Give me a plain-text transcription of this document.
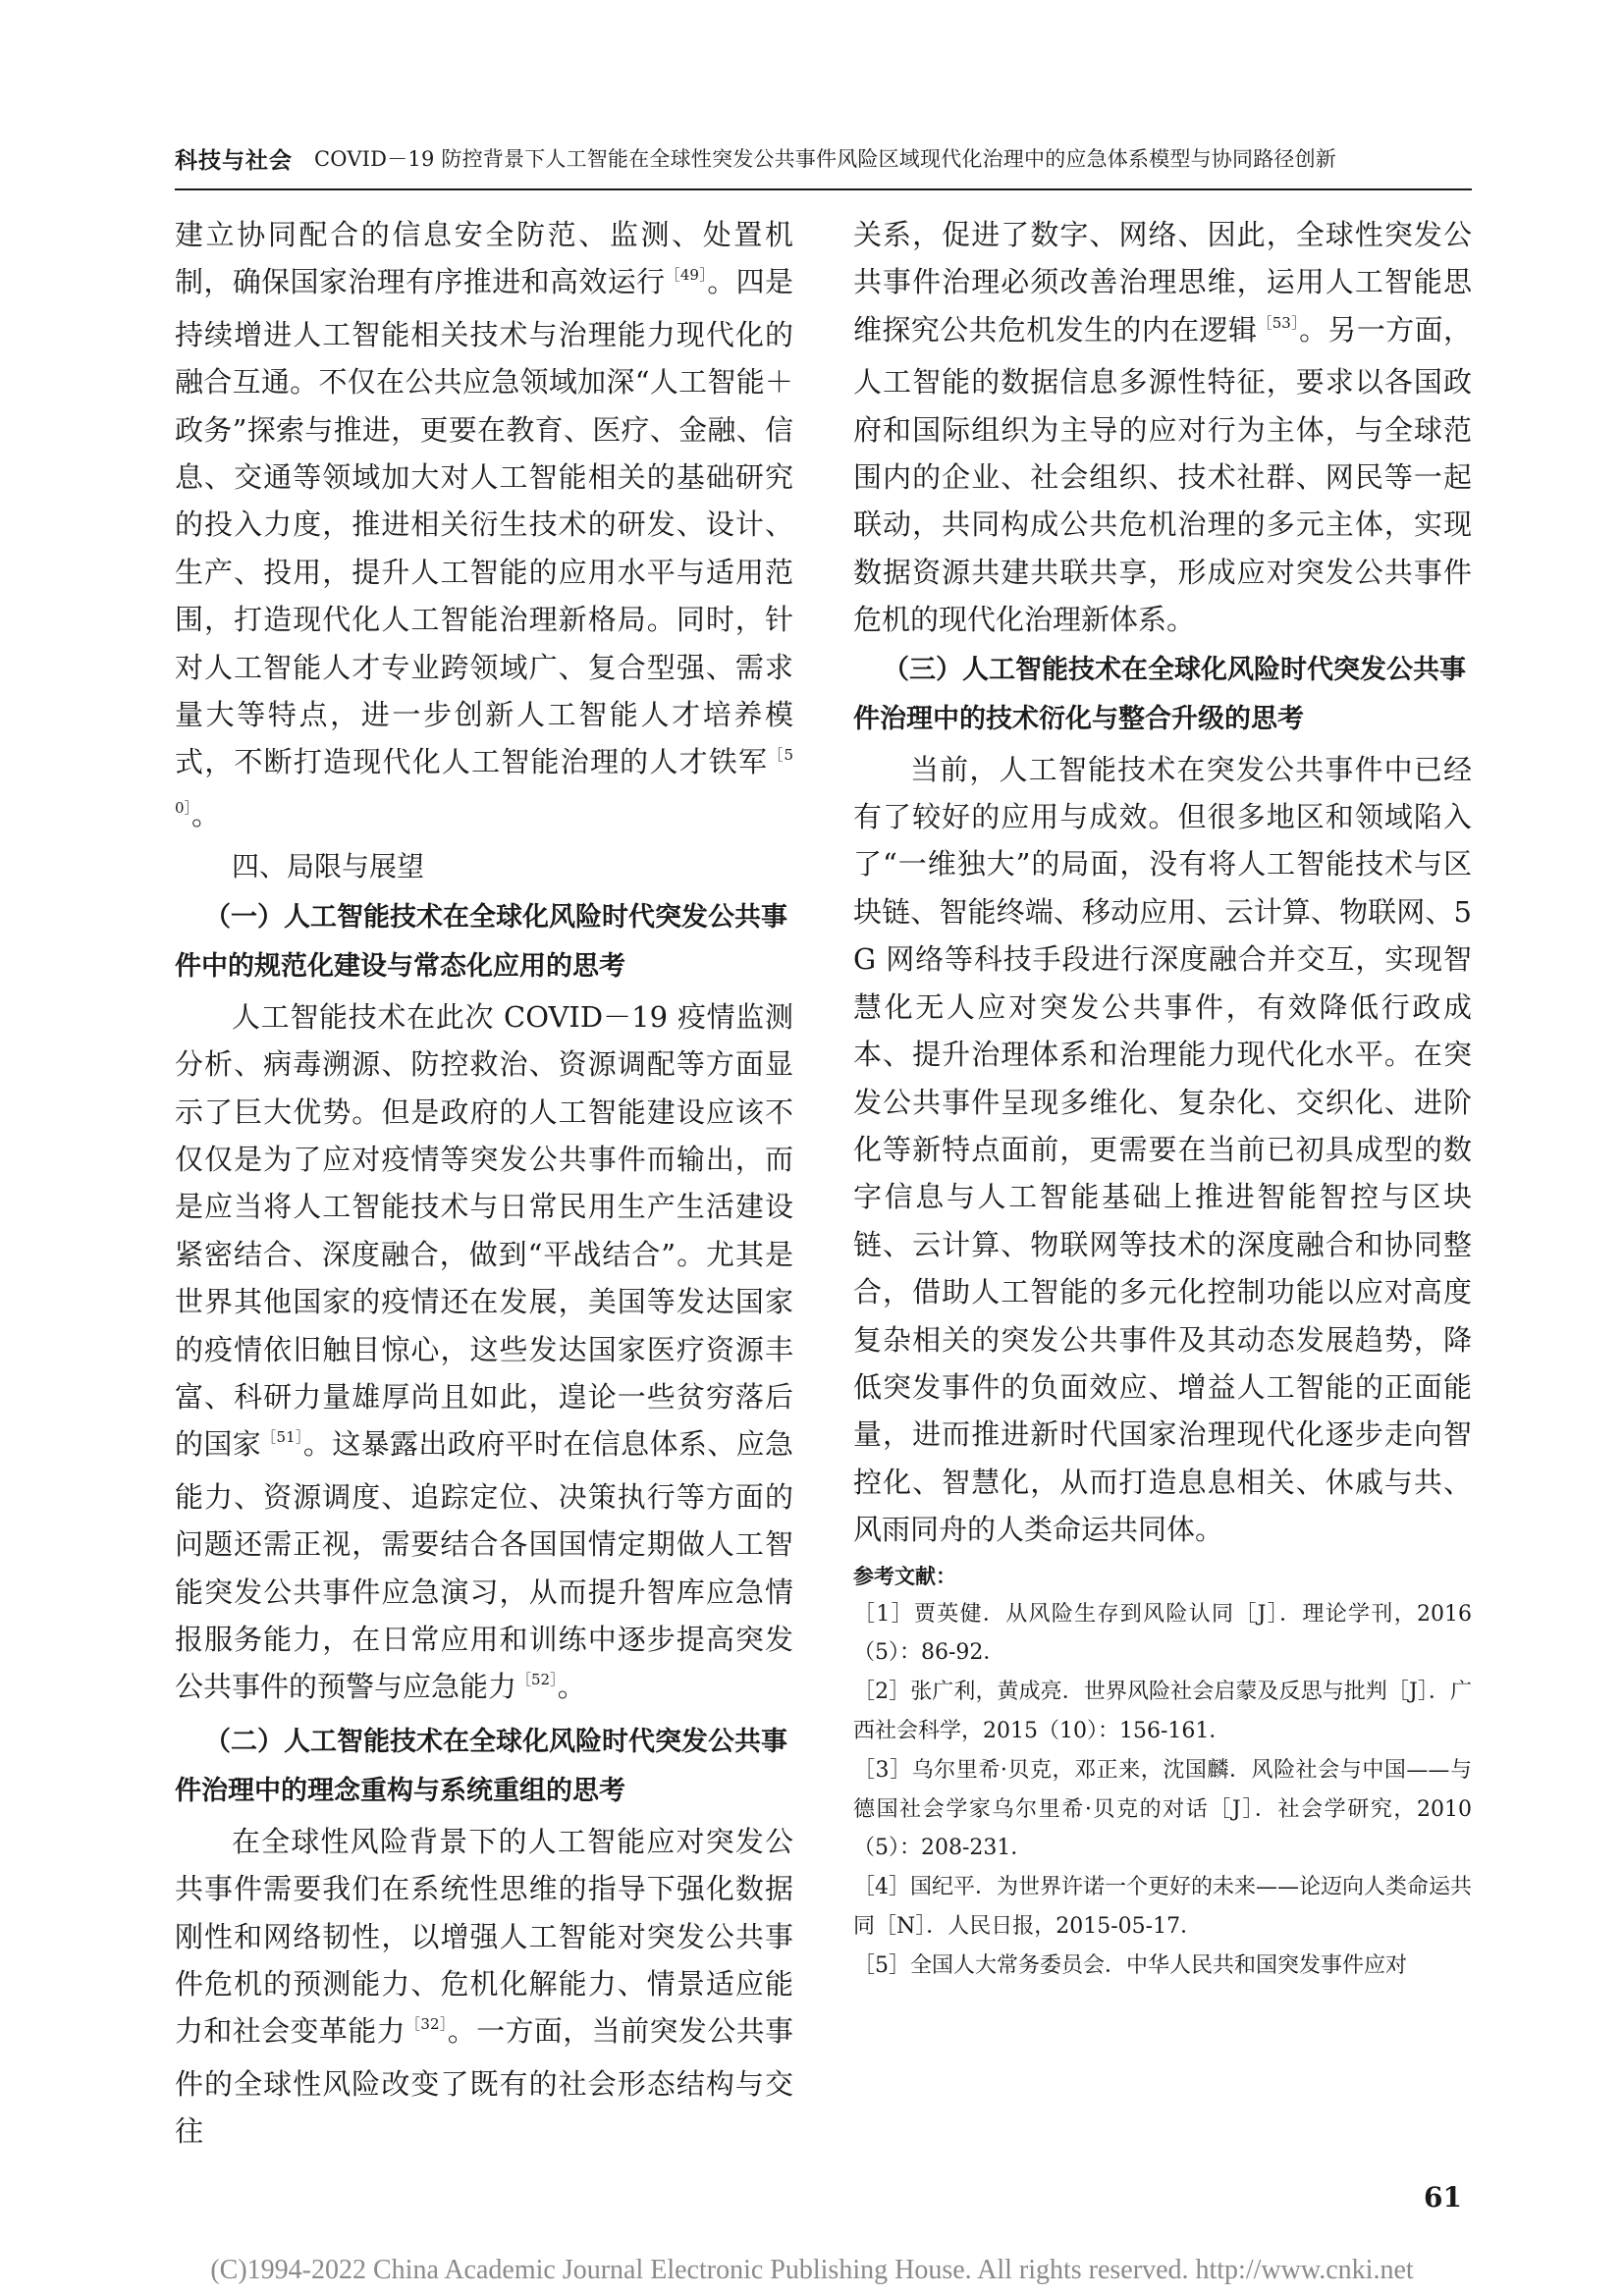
科技与社会 COVID－19 防控背景下人工智能在全球性突发公共事件风险区域现代化治理中的应急体系模型与协同路径创新

建立协同配合的信息安全防范、监测、处置机制，确保国家治理有序推进和高效运行$^{[49]}$。四是持续增进人工智能相关技术与治理能力现代化的融合互通。不仅在公共应急领域加深“人工智能＋政务”探索与推进，更要在教育、医疗、金融、信息、交通等领域加大对人工智能相关的基础研究的投入力度，推进相关衍生技术的研发、设计、生产、投用，提升人工智能的应用水平与适用范围，打造现代化人工智能治理新格局。同时，针对人工智能人才专业跨领域广、复合型强、需求量大等特点，进一步创新人工智能人才培养模式，不断打造现代化人工智能治理的人才铁军$^{[50]}$。

四、局限与展望

（一）人工智能技术在全球化风险时代突发公共事件中的规范化建设与常态化应用的思考

人工智能技术在此次 COVID－19 疫情监测分析、病毒溯源、防控救治、资源调配等方面显示了巨大优势。但是政府的人工智能建设应该不仅仅是为了应对疫情等突发公共事件而输出，而是应当将人工智能技术与日常民用生产生活建设紧密结合、深度融合，做到“平战结合”。尤其是世界其他国家的疫情还在发展，美国等发达国家的疫情依旧触目惊心，这些发达国家医疗资源丰富、科研力量雄厚尚且如此，遑论一些贫穷落后的国家$^{[51]}$。这暴露出政府平时在信息体系、应急能力、资源调度、追踪定位、决策执行等方面的问题还需正视，需要结合各国国情定期做人工智能突发公共事件应急演习，从而提升智库应急情报服务能力，在日常应用和训练中逐步提高突发公共事件的预警与应急能力$^{[52]}$。

（二）人工智能技术在全球化风险时代突发公共事件治理中的理念重构与系统重组的思考

在全球性风险背景下的人工智能应对突发公共事件需要我们在系统性思维的指导下强化数据刚性和网络韧性，以增强人工智能对突发公共事件危机的预测能力、危机化解能力、情景适应能力和社会变革能力$^{[32]}$。一方面，当前突发公共事件的全球性风险改变了既有的社会形态结构与交往

关系，促进了数字、网络、因此，全球性突发公共事件治理必须改善治理思维，运用人工智能思维探究公共危机发生的内在逻辑$^{[53]}$。另一方面，人工智能的数据信息多源性特征，要求以各国政府和国际组织为主导的应对行为主体，与全球范围内的企业、社会组织、技术社群、网民等一起联动，共同构成公共危机治理的多元主体，实现数据资源共建共联共享，形成应对突发公共事件危机的现代化治理新体系。

（三）人工智能技术在全球化风险时代突发公共事件治理中的技术衍化与整合升级的思考

当前，人工智能技术在突发公共事件中已经有了较好的应用与成效。但很多地区和领域陷入了“一维独大”的局面，没有将人工智能技术与区块链、智能终端、移动应用、云计算、物联网、5G 网络等科技手段进行深度融合并交互，实现智慧化无人应对突发公共事件，有效降低行政成本、提升治理体系和治理能力现代化水平。在突发公共事件呈现多维化、复杂化、交织化、进阶化等新特点面前，更需要在当前已初具成型的数字信息与人工智能基础上推进智能智控与区块链、云计算、物联网等技术的深度融合和协同整合，借助人工智能的多元化控制功能以应对高度复杂相关的突发公共事件及其动态发展趋势，降低突发事件的负面效应、增益人工智能的正面能量，进而推进新时代国家治理现代化逐步走向智控化、智慧化，从而打造息息相关、休戚与共、风雨同舟的人类命运共同体。

参考文献：

［1］贾英健．从风险生存到风险认同［J］．理论学刊，2016（5）：86-92．

［2］张广利，黄成亮．世界风险社会启蒙及反思与批判［J］．广西社会科学，2015（10）：156-161．

［3］乌尔里希·贝克，邓正来，沈国麟．风险社会与中国——与德国社会学家乌尔里希·贝克的对话［J］．社会学研究，2010（5）：208-231．

［4］国纪平．为世界许诺一个更好的未来——论迈向人类命运共同［N］．人民日报，2015-05-17．

［5］全国人大常务委员会．中华人民共和国突发事件应对

61
(C)1994-2022 China Academic Journal Electronic Publishing House. All rights reserved. http://www.cnki.net
